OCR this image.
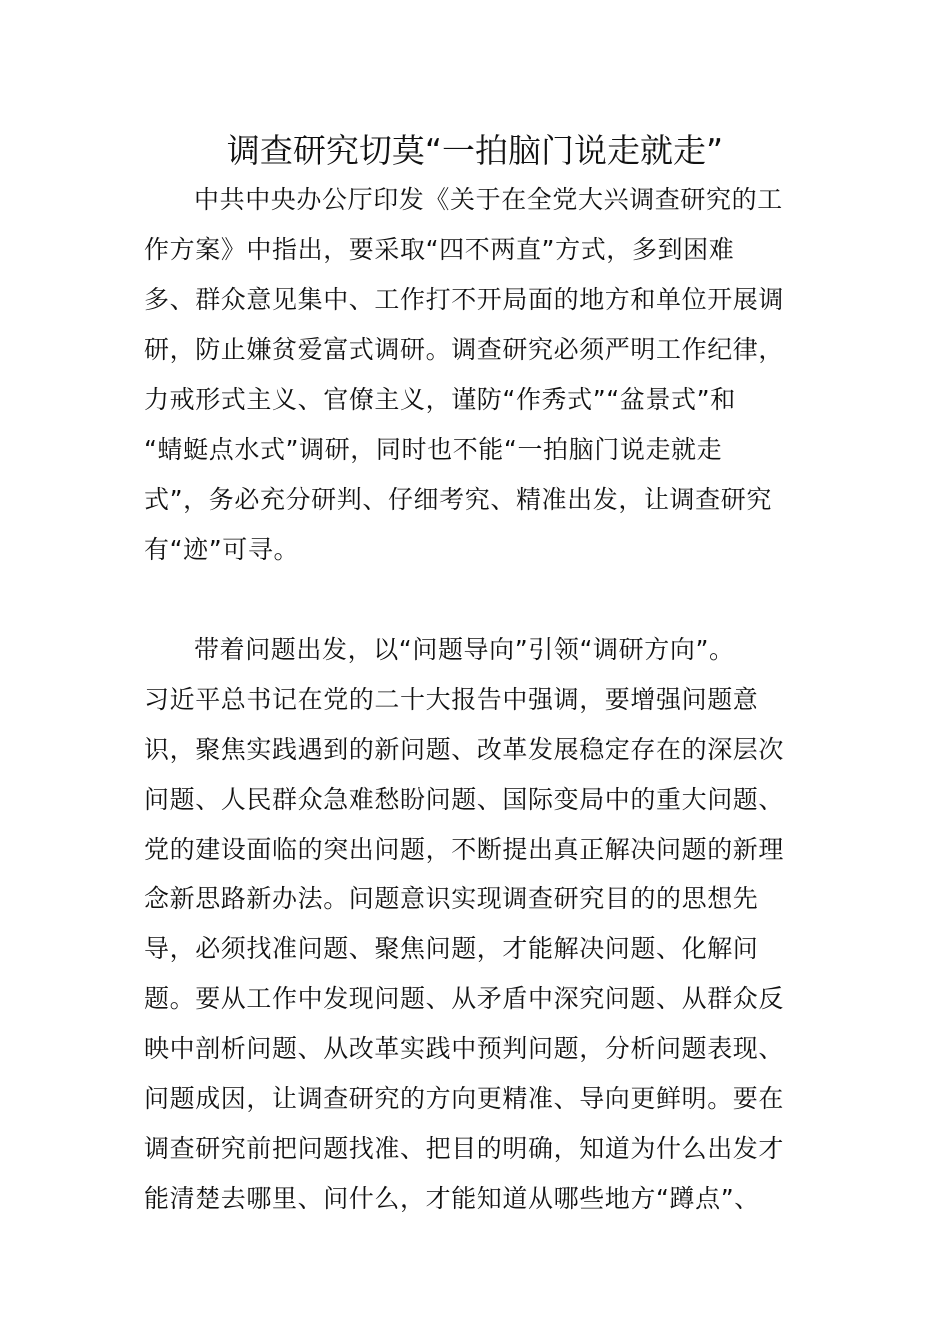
调查研究切莫“一拍脑门说走就走”
中共中央办公厅印发《关于在全党大兴调查研究的工
作方案》中指出，要采取“四不两直”方式，多到困难
多、群众意见集中、工作打不开局面的地方和单位开展调
研，防止嫌贫爱富式调研。调查研究必须严明工作纪律，
力戒形式主义、官僚主义，谨防“作秀式”“盆景式”和
“蜻蜓点水式”调研，同时也不能“一拍脑门说走就走
式”，务必充分研判、仔细考究、精准出发，让调查研究
有“迹”可寻。
带着问题出发，以“问题导向”引领“调研方向”。
习近平总书记在党的二十大报告中强调，要增强问题意
识，聚焦实践遇到的新问题、改革发展稳定存在的深层次
问题、人民群众急难愁盼问题、国际变局中的重大问题、
党的建设面临的突出问题，不断提出真正解决问题的新理
念新思路新办法。问题意识实现调查研究目的的思想先
导，必须找准问题、聚焦问题，才能解决问题、化解问
题。要从工作中发现问题、从矛盾中深究问题、从群众反
映中剖析问题、从改革实践中预判问题，分析问题表现、
问题成因，让调查研究的方向更精准、导向更鲜明。要在
调查研究前把问题找准、把目的明确，知道为什么出发才
能清楚去哪里、问什么，才能知道从哪些地方“蹲点”、
